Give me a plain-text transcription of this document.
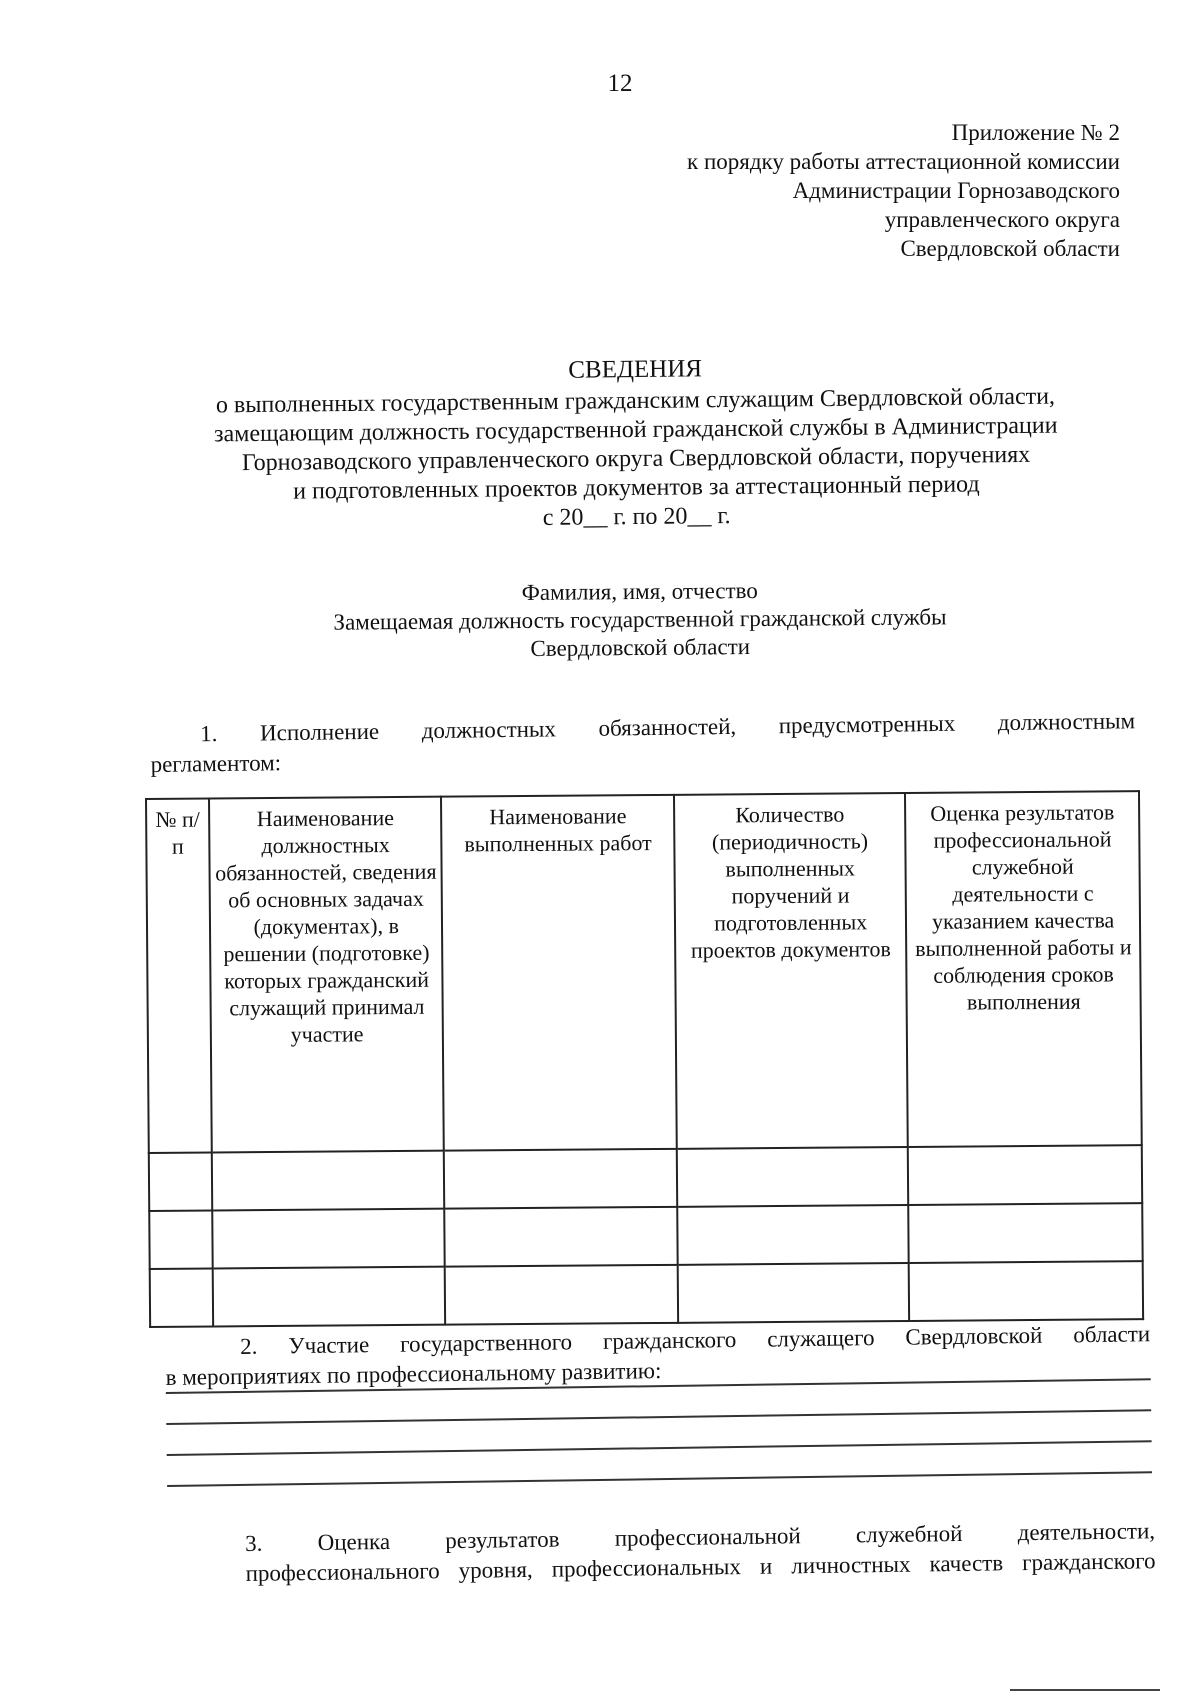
12
Приложение № 2
к порядку работы аттестационной комиссии
Администрации Горнозаводского
управленческого округа
Свердловской области
СВЕДЕНИЯ
о выполненных государственным гражданским служащим Свердловской области,
замещающим должность государственной гражданской службы в Администрации
Горнозаводского управленческого округа Свердловской области, поручениях
и подготовленных проектов документов за аттестационный период
с 20__ г. по 20__ г.
Фамилия, имя, отчество
Замещаемая должность государственной гражданской службы
Свердловской области
1. Исполнение должностных обязанностей, предусмотренных должностным
регламентом:
№ п/п	Наименование должностных обязанностей, сведения об основных задачах (документах), в решении (подготовке) которых гражданский служащий принимал участие	Наименование выполненных работ	Количество (периодичность) выполненных поручений и подготовленных проектов документов	Оценка результатов профессиональной служебной деятельности с указанием качества выполненной работы и соблюдения сроков выполнения

2. Участие государственного гражданского служащего Свердловской области
в мероприятиях по профессиональному развитию:
3. Оценка результатов профессиональной служебной деятельности,
профессионального уровня, профессиональных и личностных качеств гражданского
